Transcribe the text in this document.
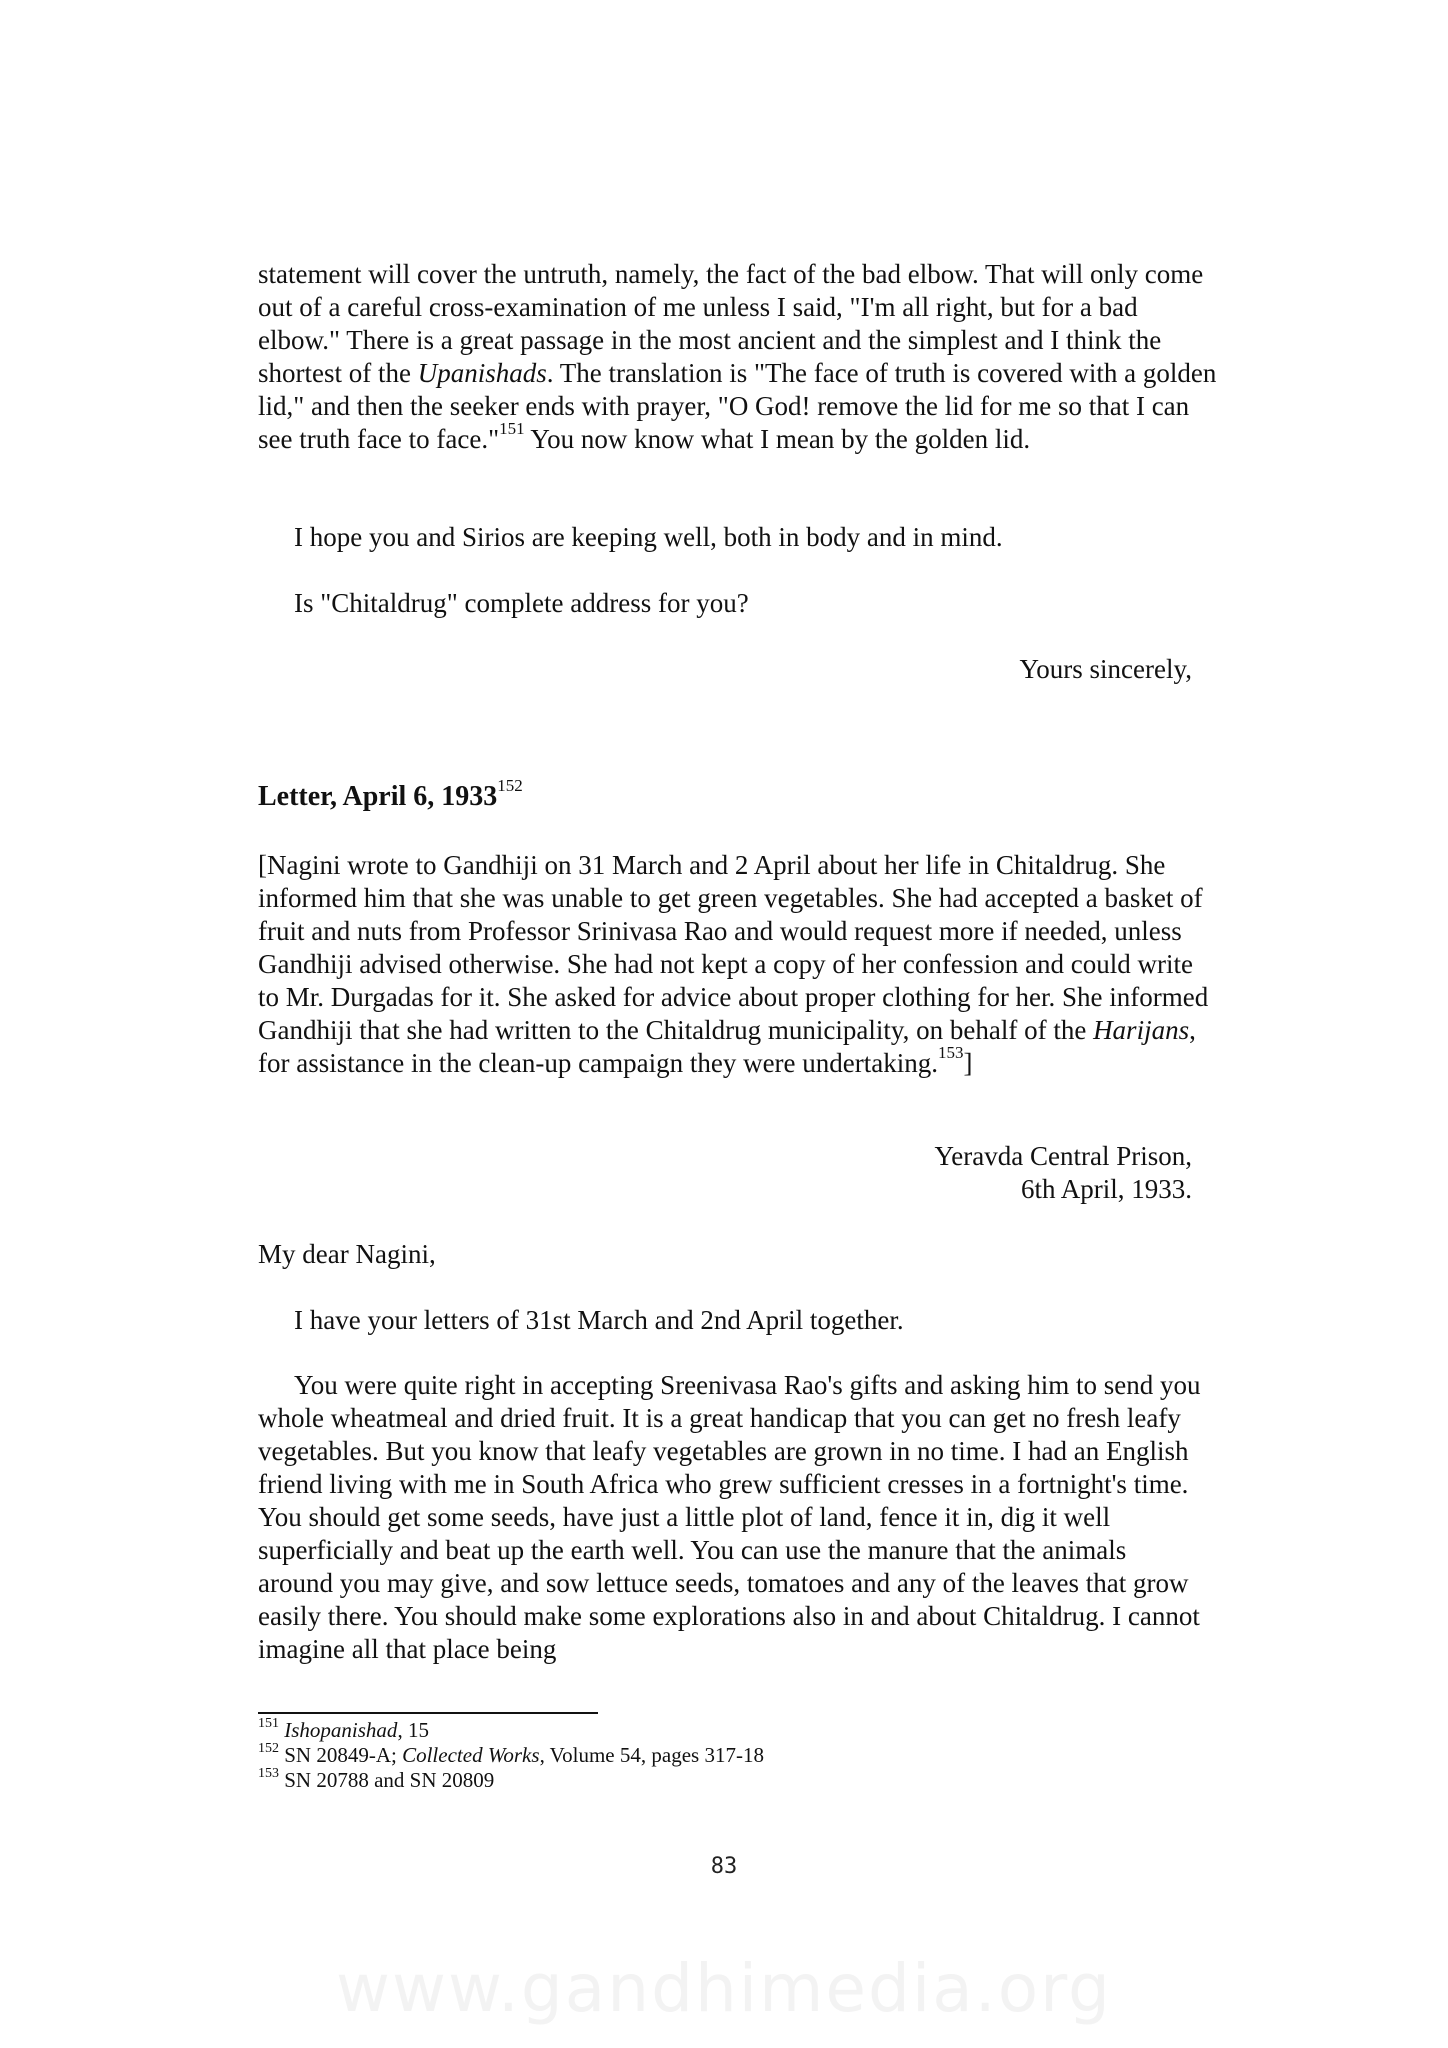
statement will cover the untruth, namely, the fact of the bad elbow. That will only come out of a careful cross-examination of me unless I said, "I'm all right, but for a bad elbow." There is a great passage in the most ancient and the simplest and I think the shortest of the Upanishads. The translation is "The face of truth is covered with a golden lid," and then the seeker ends with prayer, "O God! remove the lid for me so that I can see truth face to face."$^{151}$ You now know what I mean by the golden lid.

I hope you and Sirios are keeping well, both in body and in mind.

Is "Chitaldrug" complete address for you?

Yours sincerely,

Letter, April 6, 1933$^{152}$

[Nagini wrote to Gandhiji on 31 March and 2 April about her life in Chitaldrug. She informed him that she was unable to get green vegetables. She had accepted a basket of fruit and nuts from Professor Srinivasa Rao and would request more if needed, unless Gandhiji advised otherwise. She had not kept a copy of her confession and could write to Mr. Durgadas for it. She asked for advice about proper clothing for her. She informed Gandhiji that she had written to the Chitaldrug municipality, on behalf of the Harijans, for assistance in the clean-up campaign they were undertaking.$^{153}$]

Yeravda Central Prison,
6th April, 1933.

My dear Nagini,

I have your letters of 31st March and 2nd April together.

You were quite right in accepting Sreenivasa Rao's gifts and asking him to send you whole wheatmeal and dried fruit. It is a great handicap that you can get no fresh leafy vegetables. But you know that leafy vegetables are grown in no time. I had an English friend living with me in South Africa who grew sufficient cresses in a fortnight's time. You should get some seeds, have just a little plot of land, fence it in, dig it well superficially and beat up the earth well. You can use the manure that the animals around you may give, and sow lettuce seeds, tomatoes and any of the leaves that grow easily there. You should make some explorations also in and about Chitaldrug. I cannot imagine all that place being

$^{151}$ Ishopanishad, 15

$^{152}$ SN 20849-A; Collected Works, Volume 54, pages 317-18

$^{153}$ SN 20788 and SN 20809

83
www.gandhimedia.org
